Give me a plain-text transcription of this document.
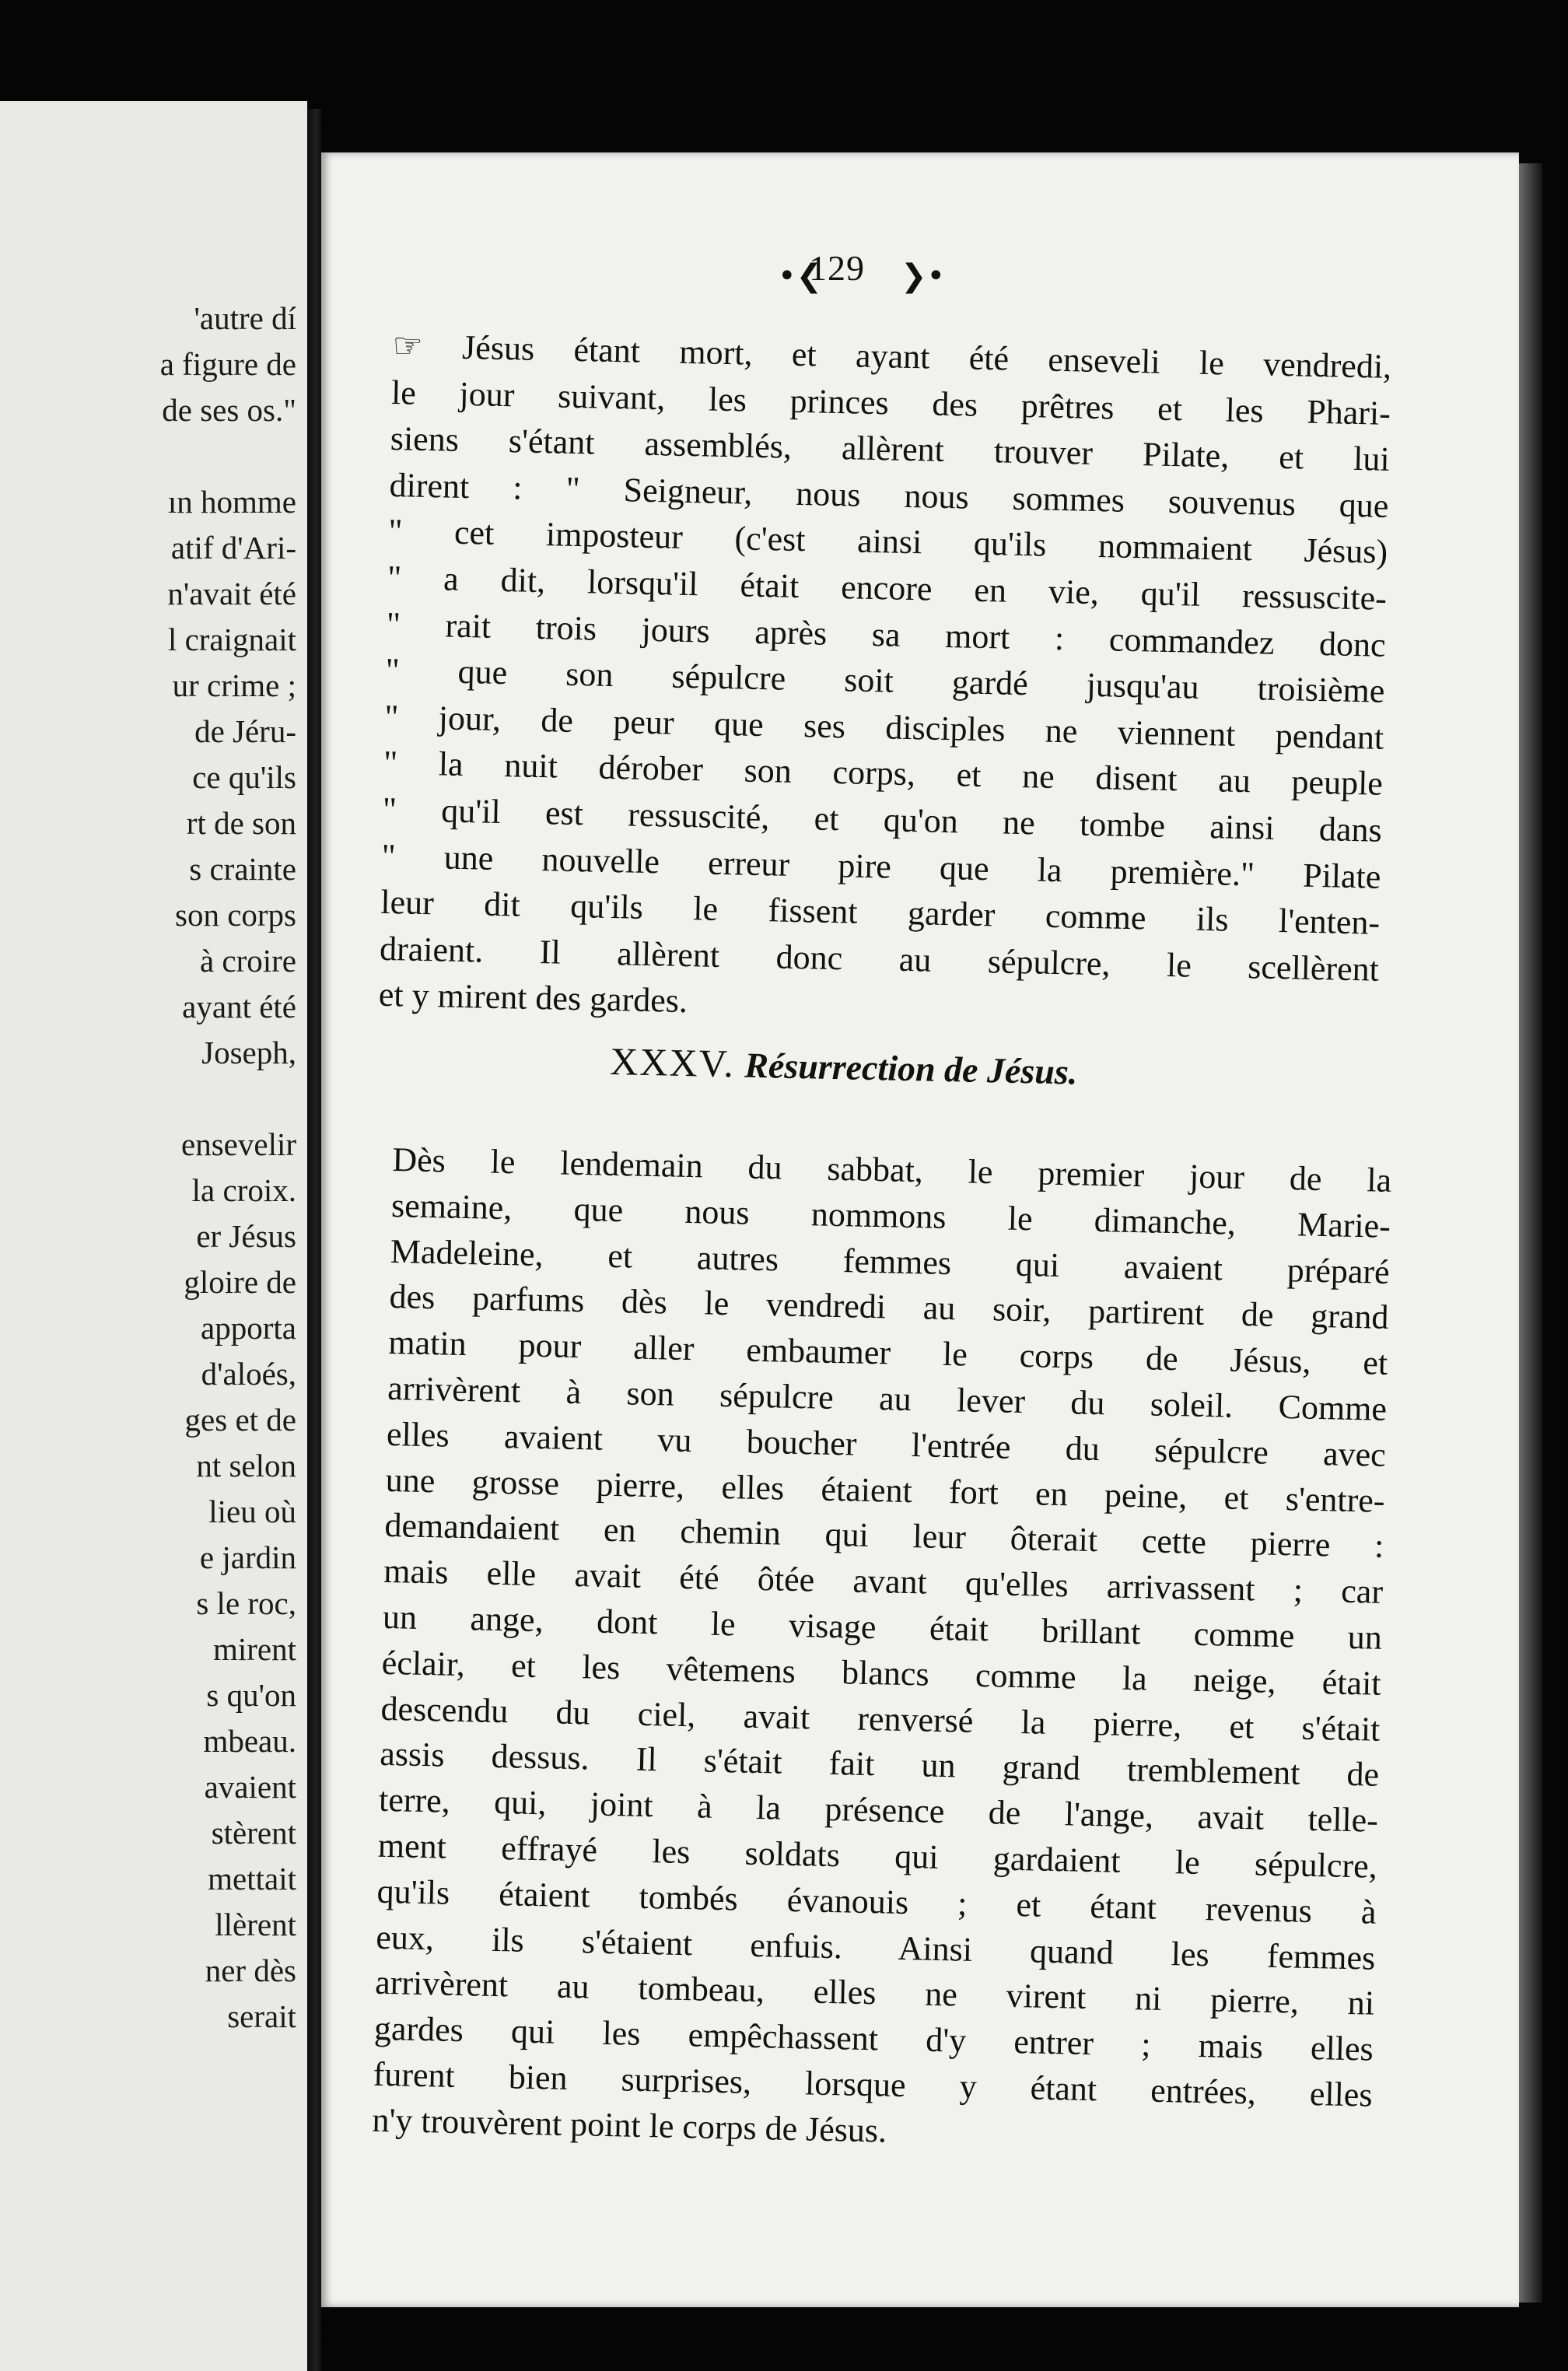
'autre dí
a figure de
de ses os."
ın homme
atif d'Ari-
n'avait été
l craignait
ur crime ;
de Jéru-
ce qu'ils
rt de son
s crainte
son corps
à croire
ayant été
Joseph,
ensevelir
la croix.
er Jésus
gloire de
apporta
d'aloés,
ges et de
nt selon
lieu où
e jardin
s le roc,
mirent
s qu'on
mbeau.
avaient
stèrent
mettait
llèrent
ner dès
serait
•❮
129 ❯•
☞ Jésus étant mort, et ayant été enseveli le vendredi,
le jour suivant, les princes des prêtres et les Phari-
siens s'étant assemblés, allèrent trouver Pilate, et lui
dirent : " Seigneur, nous nous sommes souvenus que
" cet imposteur (c'est ainsi qu'ils nommaient Jésus)
" a dit, lorsqu'il était encore en vie, qu'il ressuscite-
" rait trois jours après sa mort : commandez donc
" que son sépulcre soit gardé jusqu'au troisième
" jour, de peur que ses disciples ne viennent pendant
" la nuit dérober son corps, et ne disent au peuple
" qu'il est ressuscité, et qu'on ne tombe ainsi dans
" une nouvelle erreur pire que la première." Pilate
leur dit qu'ils le fissent garder comme ils l'enten-
draient. Il allèrent donc au sépulcre, le scellèrent
et y mirent des gardes.
XXXV. Résurrection de Jésus.
Dès le lendemain du sabbat, le premier jour de la
semaine, que nous nommons le dimanche, Marie-
Madeleine, et autres femmes qui avaient préparé
des parfums dès le vendredi au soir, partirent de grand
matin pour aller embaumer le corps de Jésus, et
arrivèrent à son sépulcre au lever du soleil. Comme
elles avaient vu boucher l'entrée du sépulcre avec
une grosse pierre, elles étaient fort en peine, et s'entre-
demandaient en chemin qui leur ôterait cette pierre :
mais elle avait été ôtée avant qu'elles arrivassent ; car
un ange, dont le visage était brillant comme un
éclair, et les vêtemens blancs comme la neige, était
descendu du ciel, avait renversé la pierre, et s'était
assis dessus. Il s'était fait un grand tremblement de
terre, qui, joint à la présence de l'ange, avait telle-
ment effrayé les soldats qui gardaient le sépulcre,
qu'ils étaient tombés évanouis ; et étant revenus à
eux, ils s'étaient enfuis. Ainsi quand les femmes
arrivèrent au tombeau, elles ne virent ni pierre, ni
gardes qui les empêchassent d'y entrer ; mais elles
furent bien surprises, lorsque y étant entrées, elles
n'y trouvèrent point le corps de Jésus.
